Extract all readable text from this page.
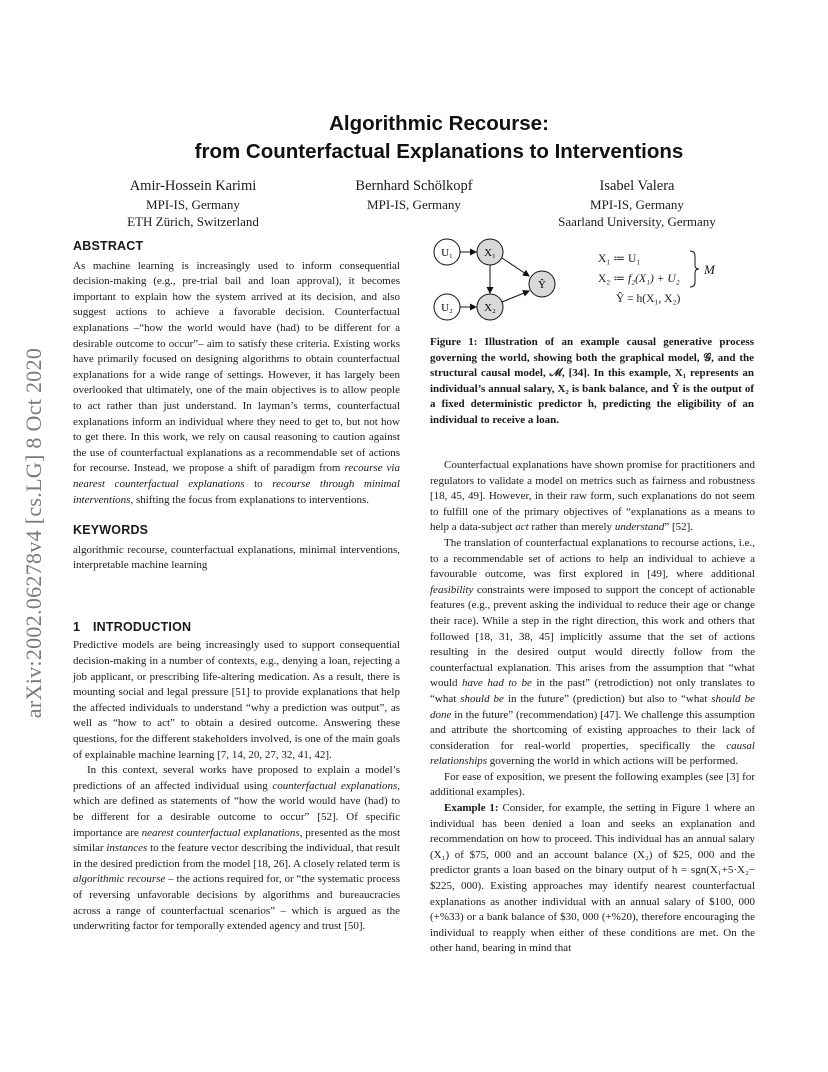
arXiv:2002.06278v4 [cs.LG] 8 Oct 2020
Algorithmic Recourse:
from Counterfactual Explanations to Interventions
Amir-Hossein Karimi
MPI-IS, Germany
ETH Zürich, Switzerland
Bernhard Schölkopf
MPI-IS, Germany
Isabel Valera
MPI-IS, Germany
Saarland University, Germany
ABSTRACT

As machine learning is increasingly used to inform consequential decision-making (e.g., pre-trial bail and loan approval), it becomes important to explain how the system arrived at its decision, and also suggest actions to achieve a favorable decision. Counterfactual explanations –“how the world would have (had) to be different for a desirable outcome to occur”– aim to satisfy these criteria. Existing works have primarily focused on designing algorithms to obtain counterfactual explanations for a wide range of settings. However, it has largely been overlooked that ultimately, one of the main objectives is to allow people to act rather than just understand. In layman’s terms, counterfactual explanations inform an individual where they need to get to, but not how to get there. In this work, we rely on causal reasoning to caution against the use of counterfactual explanations as a recommendable set of actions for recourse. Instead, we propose a shift of paradigm from recourse via nearest counterfactual explanations to recourse through minimal interventions, shifting the focus from explanations to interventions.

KEYWORDS

algorithmic recourse, counterfactual explanations, minimal interventions, interpretable machine learning

1 INTRODUCTION

Predictive models are being increasingly used to support consequential decision-making in a number of contexts, e.g., denying a loan, rejecting a job applicant, or prescribing life-altering medication. As a result, there is mounting social and legal pressure [51] to provide explanations that help the affected individuals to understand “why a prediction was output”, as well as “how to act” to obtain a desired outcome. Answering these questions, for the different stakeholders involved, is one of the main goals of explainable machine learning [7, 14, 20, 27, 32, 41, 42].

In this context, several works have proposed to explain a model’s predictions of an affected individual using counterfactual explanations, which are defined as statements of “how the world would have (had) to be different for a desirable outcome to occur” [52]. Of specific importance are nearest counterfactual explanations, presented as the most similar instances to the feature vector describing the individual, that result in the desired prediction from the model [18, 26]. A closely related term is algorithmic recourse – the actions required for, or “the systematic process of reversing unfavorable decisions by algorithms and bureaucracies across a range of counterfactual scenarios” – which is argued as the underwriting factor for temporally extended agency and trust [50].

U₁	X₁
Ŷ
U₂	X₂
X₁ ≔ U₁
X₂ ≔ f₂(X₁) + U₂
Ŷ = h(X₁, X₂)
M
Figure 1: Illustration of an example causal generative process governing the world, showing both the graphical model, 𝒢, and the structural causal model, ℳ, [34]. In this example, X₁ represents an individual’s annual salary, X₂ is bank balance, and Ŷ is the output of a fixed deterministic predictor h, predicting the eligibility of an individual to receive a loan.

Counterfactual explanations have shown promise for practitioners and regulators to validate a model on metrics such as fairness and robustness [18, 45, 49]. However, in their raw form, such explanations do not seem to fulfill one of the primary objectives of “explanations as a means to help a data-subject act rather than merely understand” [52].

The translation of counterfactual explanations to recourse actions, i.e., to a recommendable set of actions to help an individual to achieve a favourable outcome, was first explored in [49], where additional feasibility constraints were imposed to support the concept of actionable features (e.g., prevent asking the individual to reduce their age or change their race). While a step in the right direction, this work and others that followed [18, 31, 38, 45] implicitly assume that the set of actions resulting in the desired output would directly follow from the counterfactual explanation. This arises from the assumption that “what would have had to be in the past” (retrodiction) not only translates to “what should be in the future” (prediction) but also to “what should be done in the future” (recommendation) [47]. We challenge this assumption and attribute the shortcoming of existing approaches to their lack of consideration for real-world properties, specifically the causal relationships governing the world in which actions will be performed.

For ease of exposition, we present the following examples (see [3] for additional examples).

Example 1: Consider, for example, the setting in Figure 1 where an individual has been denied a loan and seeks an explanation and recommendation on how to proceed. This individual has an annual salary (X₁) of $75, 000 and an account balance (X₂) of $25, 000 and the predictor grants a loan based on the binary output of h = sgn(X₁+5·X₂−$225, 000). Existing approaches may identify nearest counterfactual explanations as another individual with an annual salary of $100, 000 (+%33) or a bank balance of $30, 000 (+%20), therefore encouraging the individual to reapply when either of these conditions are met. On the other hand, bearing in mind that
